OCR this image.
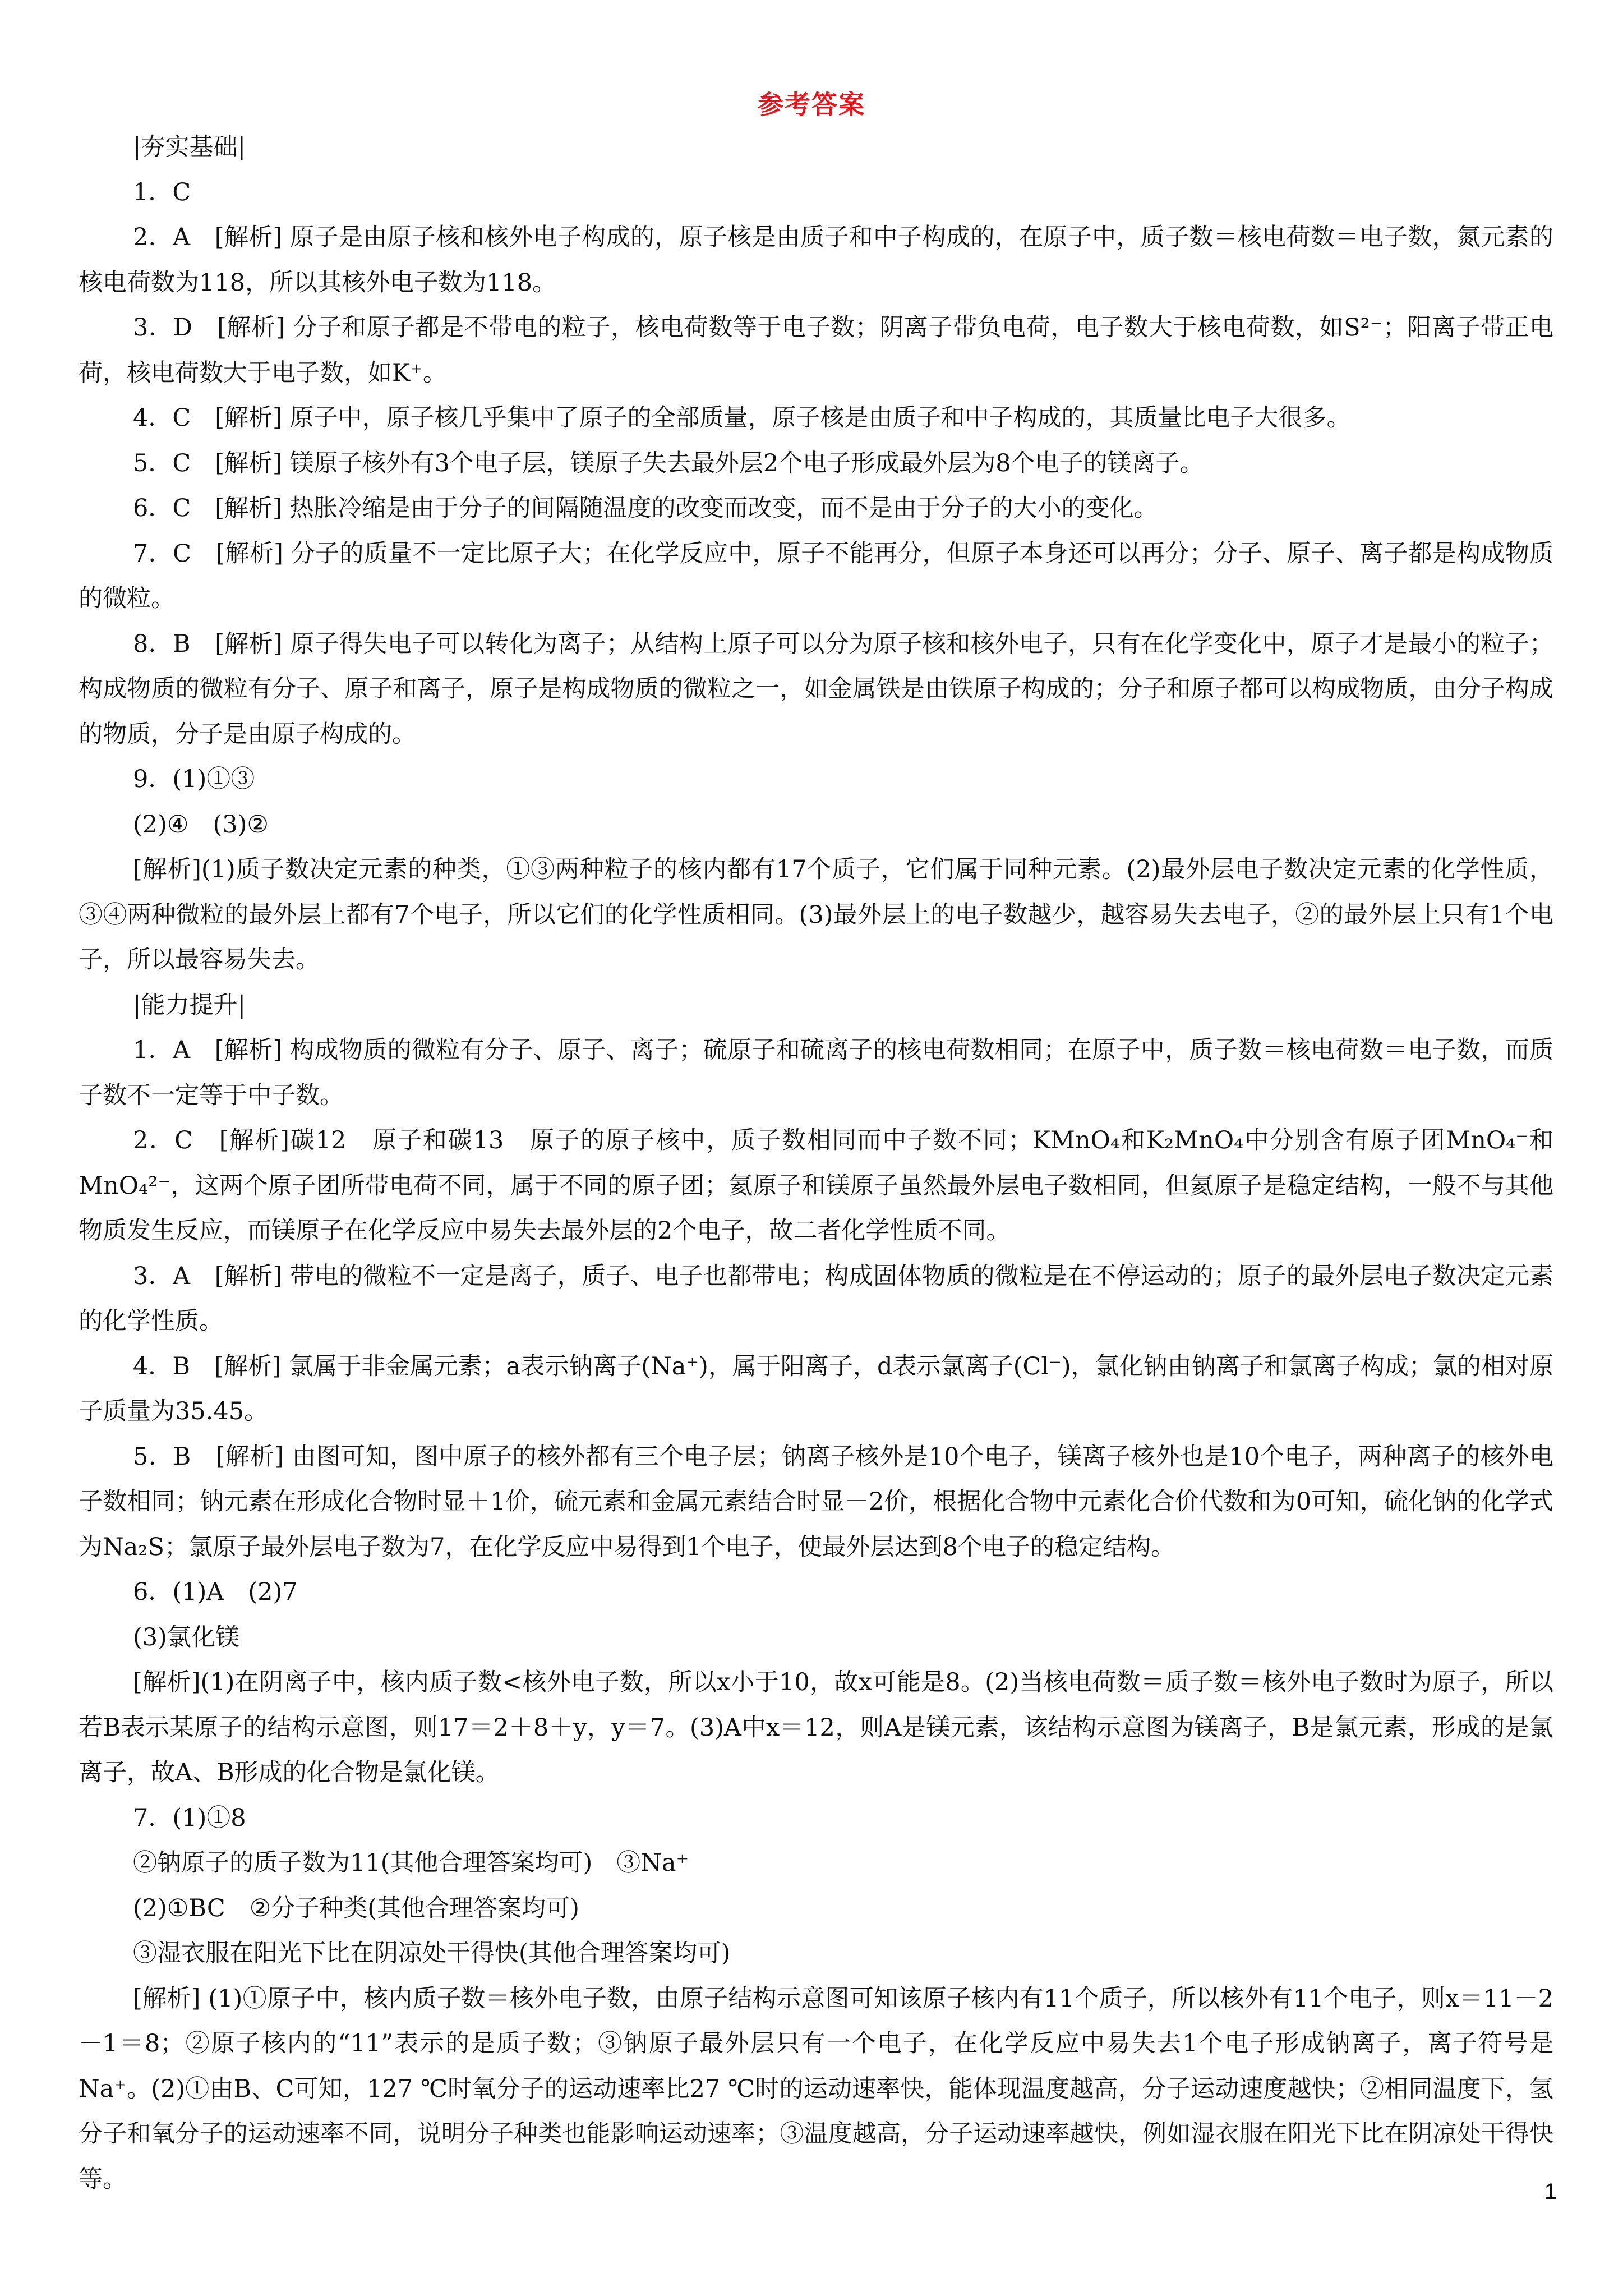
参考答案

|夯实基础|

1．C

2．A　[解析] 原子是由原子核和核外电子构成的，原子核是由质子和中子构成的，在原子中，质子数＝核电荷数＝电子数，氮元素的核电荷数为118，所以其核外电子数为118。

3．D　[解析] 分子和原子都是不带电的粒子，核电荷数等于电子数；阴离子带负电荷，电子数大于核电荷数，如S²⁻；阳离子带正电荷，核电荷数大于电子数，如K⁺。

4．C　[解析] 原子中，原子核几乎集中了原子的全部质量，原子核是由质子和中子构成的，其质量比电子大很多。

5．C　[解析] 镁原子核外有3个电子层，镁原子失去最外层2个电子形成最外层为8个电子的镁离子。

6．C　[解析] 热胀冷缩是由于分子的间隔随温度的改变而改变，而不是由于分子的大小的变化。

7．C　[解析] 分子的质量不一定比原子大；在化学反应中，原子不能再分，但原子本身还可以再分；分子、原子、离子都是构成物质的微粒。

8．B　[解析] 原子得失电子可以转化为离子；从结构上原子可以分为原子核和核外电子，只有在化学变化中，原子才是最小的粒子；构成物质的微粒有分子、原子和离子，原子是构成物质的微粒之一，如金属铁是由铁原子构成的；分子和原子都可以构成物质，由分子构成的物质，分子是由原子构成的。

9．(1)①③

(2)④　(3)②

[解析](1)质子数决定元素的种类，①③两种粒子的核内都有17个质子，它们属于同种元素。(2)最外层电子数决定元素的化学性质，③④两种微粒的最外层上都有7个电子，所以它们的化学性质相同。(3)最外层上的电子数越少，越容易失去电子，②的最外层上只有1个电子，所以最容易失去。

|能力提升|

1．A　[解析] 构成物质的微粒有分子、原子、离子；硫原子和硫离子的核电荷数相同；在原子中，质子数＝核电荷数＝电子数，而质子数不一定等于中子数。

2．C　[解析]碳12　原子和碳13　原子的原子核中，质子数相同而中子数不同；KMnO₄和K₂MnO₄中分别含有原子团MnO₄⁻和MnO₄²⁻，这两个原子团所带电荷不同，属于不同的原子团；氦原子和镁原子虽然最外层电子数相同，但氦原子是稳定结构，一般不与其他物质发生反应，而镁原子在化学反应中易失去最外层的2个电子，故二者化学性质不同。

3．A　[解析] 带电的微粒不一定是离子，质子、电子也都带电；构成固体物质的微粒是在不停运动的；原子的最外层电子数决定元素的化学性质。

4．B　[解析] 氯属于非金属元素；a表示钠离子(Na⁺)，属于阳离子，d表示氯离子(Cl⁻)，氯化钠由钠离子和氯离子构成；氯的相对原子质量为35.45。

5．B　[解析] 由图可知，图中原子的核外都有三个电子层；钠离子核外是10个电子，镁离子核外也是10个电子，两种离子的核外电子数相同；钠元素在形成化合物时显＋1价，硫元素和金属元素结合时显－2价，根据化合物中元素化合价代数和为0可知，硫化钠的化学式为Na₂S；氯原子最外层电子数为7，在化学反应中易得到1个电子，使最外层达到8个电子的稳定结构。

6．(1)A　(2)7

(3)氯化镁

[解析](1)在阴离子中，核内质子数<核外电子数，所以x小于10，故x可能是8。(2)当核电荷数＝质子数＝核外电子数时为原子，所以若B表示某原子的结构示意图，则17＝2＋8＋y，y＝7。(3)A中x＝12，则A是镁元素，该结构示意图为镁离子，B是氯元素，形成的是氯离子，故A、B形成的化合物是氯化镁。

7．(1)①8

②钠原子的质子数为11(其他合理答案均可)　③Na⁺

(2)①BC　②分子种类(其他合理答案均可)

③湿衣服在阳光下比在阴凉处干得快(其他合理答案均可)

[解析] (1)①原子中，核内质子数＝核外电子数，由原子结构示意图可知该原子核内有11个质子，所以核外有11个电子，则x＝11－2－1＝8；②原子核内的“11”表示的是质子数；③钠原子最外层只有一个电子，在化学反应中易失去1个电子形成钠离子，离子符号是Na⁺。(2)①由B、C可知，127 ℃时氧分子的运动速率比27 ℃时的运动速率快，能体现温度越高，分子运动速度越快；②相同温度下，氢分子和氧分子的运动速率不同，说明分子种类也能影响运动速率；③温度越高，分子运动速率越快，例如湿衣服在阳光下比在阴凉处干得快等。	1
